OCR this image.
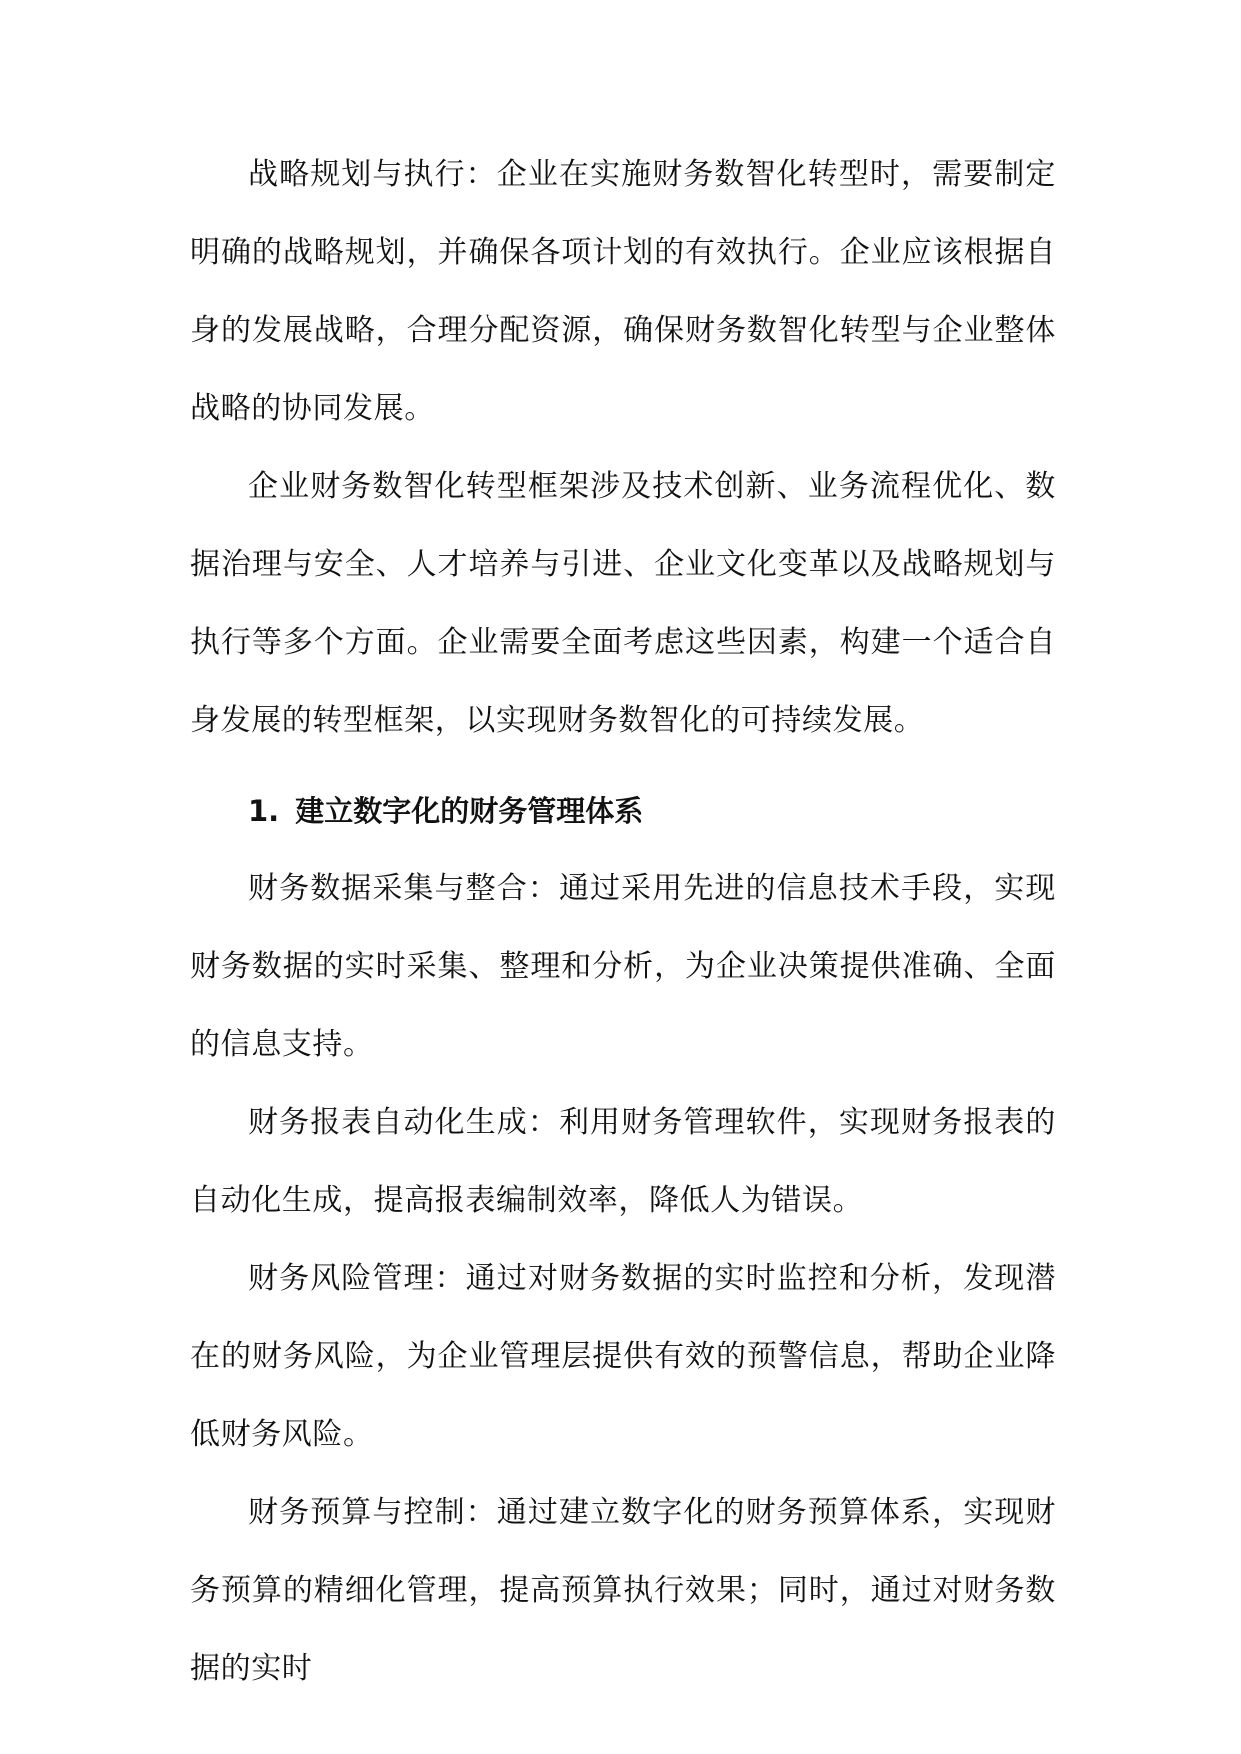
战略规划与执行：企业在实施财务数智化转型时，需要制定明确的战略规划，并确保各项计划的有效执行。企业应该根据自身的发展战略，合理分配资源，确保财务数智化转型与企业整体战略的协同发展。

企业财务数智化转型框架涉及技术创新、业务流程优化、数据治理与安全、人才培养与引进、企业文化变革以及战略规划与执行等多个方面。企业需要全面考虑这些因素，构建一个适合自身发展的转型框架，以实现财务数智化的可持续发展。

1. 建立数字化的财务管理体系

财务数据采集与整合：通过采用先进的信息技术手段，实现财务数据的实时采集、整理和分析，为企业决策提供准确、全面的信息支持。

财务报表自动化生成：利用财务管理软件，实现财务报表的自动化生成，提高报表编制效率，降低人为错误。

财务风险管理：通过对财务数据的实时监控和分析，发现潜在的财务风险，为企业管理层提供有效的预警信息，帮助企业降低财务风险。

财务预算与控制：通过建立数字化的财务预算体系，实现财务预算的精细化管理，提高预算执行效果；同时，通过对财务数据的实时
